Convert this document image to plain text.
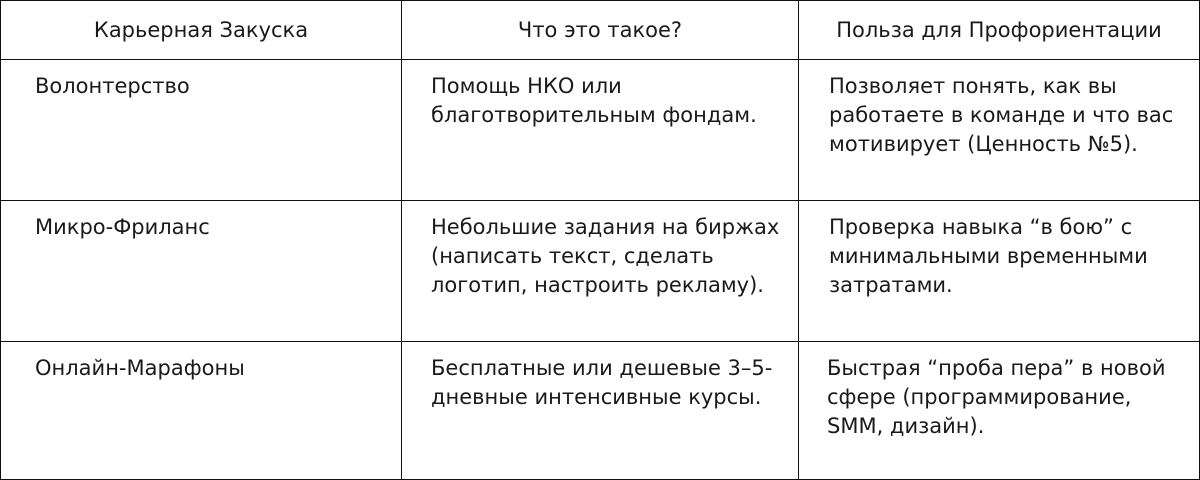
Карьерная Закуска	Что это такое?	Польза для Профориентации
Волонтерство	Помощь НКО или благотворительным фондам.	Позволяет понять, как вы работаете в команде и что вас мотивирует (Ценность №5).
Микро-Фриланс	Небольшие задания на биржах (написать текст, сделать логотип, настроить рекламу).	Проверка навыка “в бою” с минимальными временными затратами.
Онлайн-Марафоны	Бесплатные или дешевые 3–5-дневные интенсивные курсы.	Быстрая “проба пера” в новой сфере (программирование, SMM, дизайн).
